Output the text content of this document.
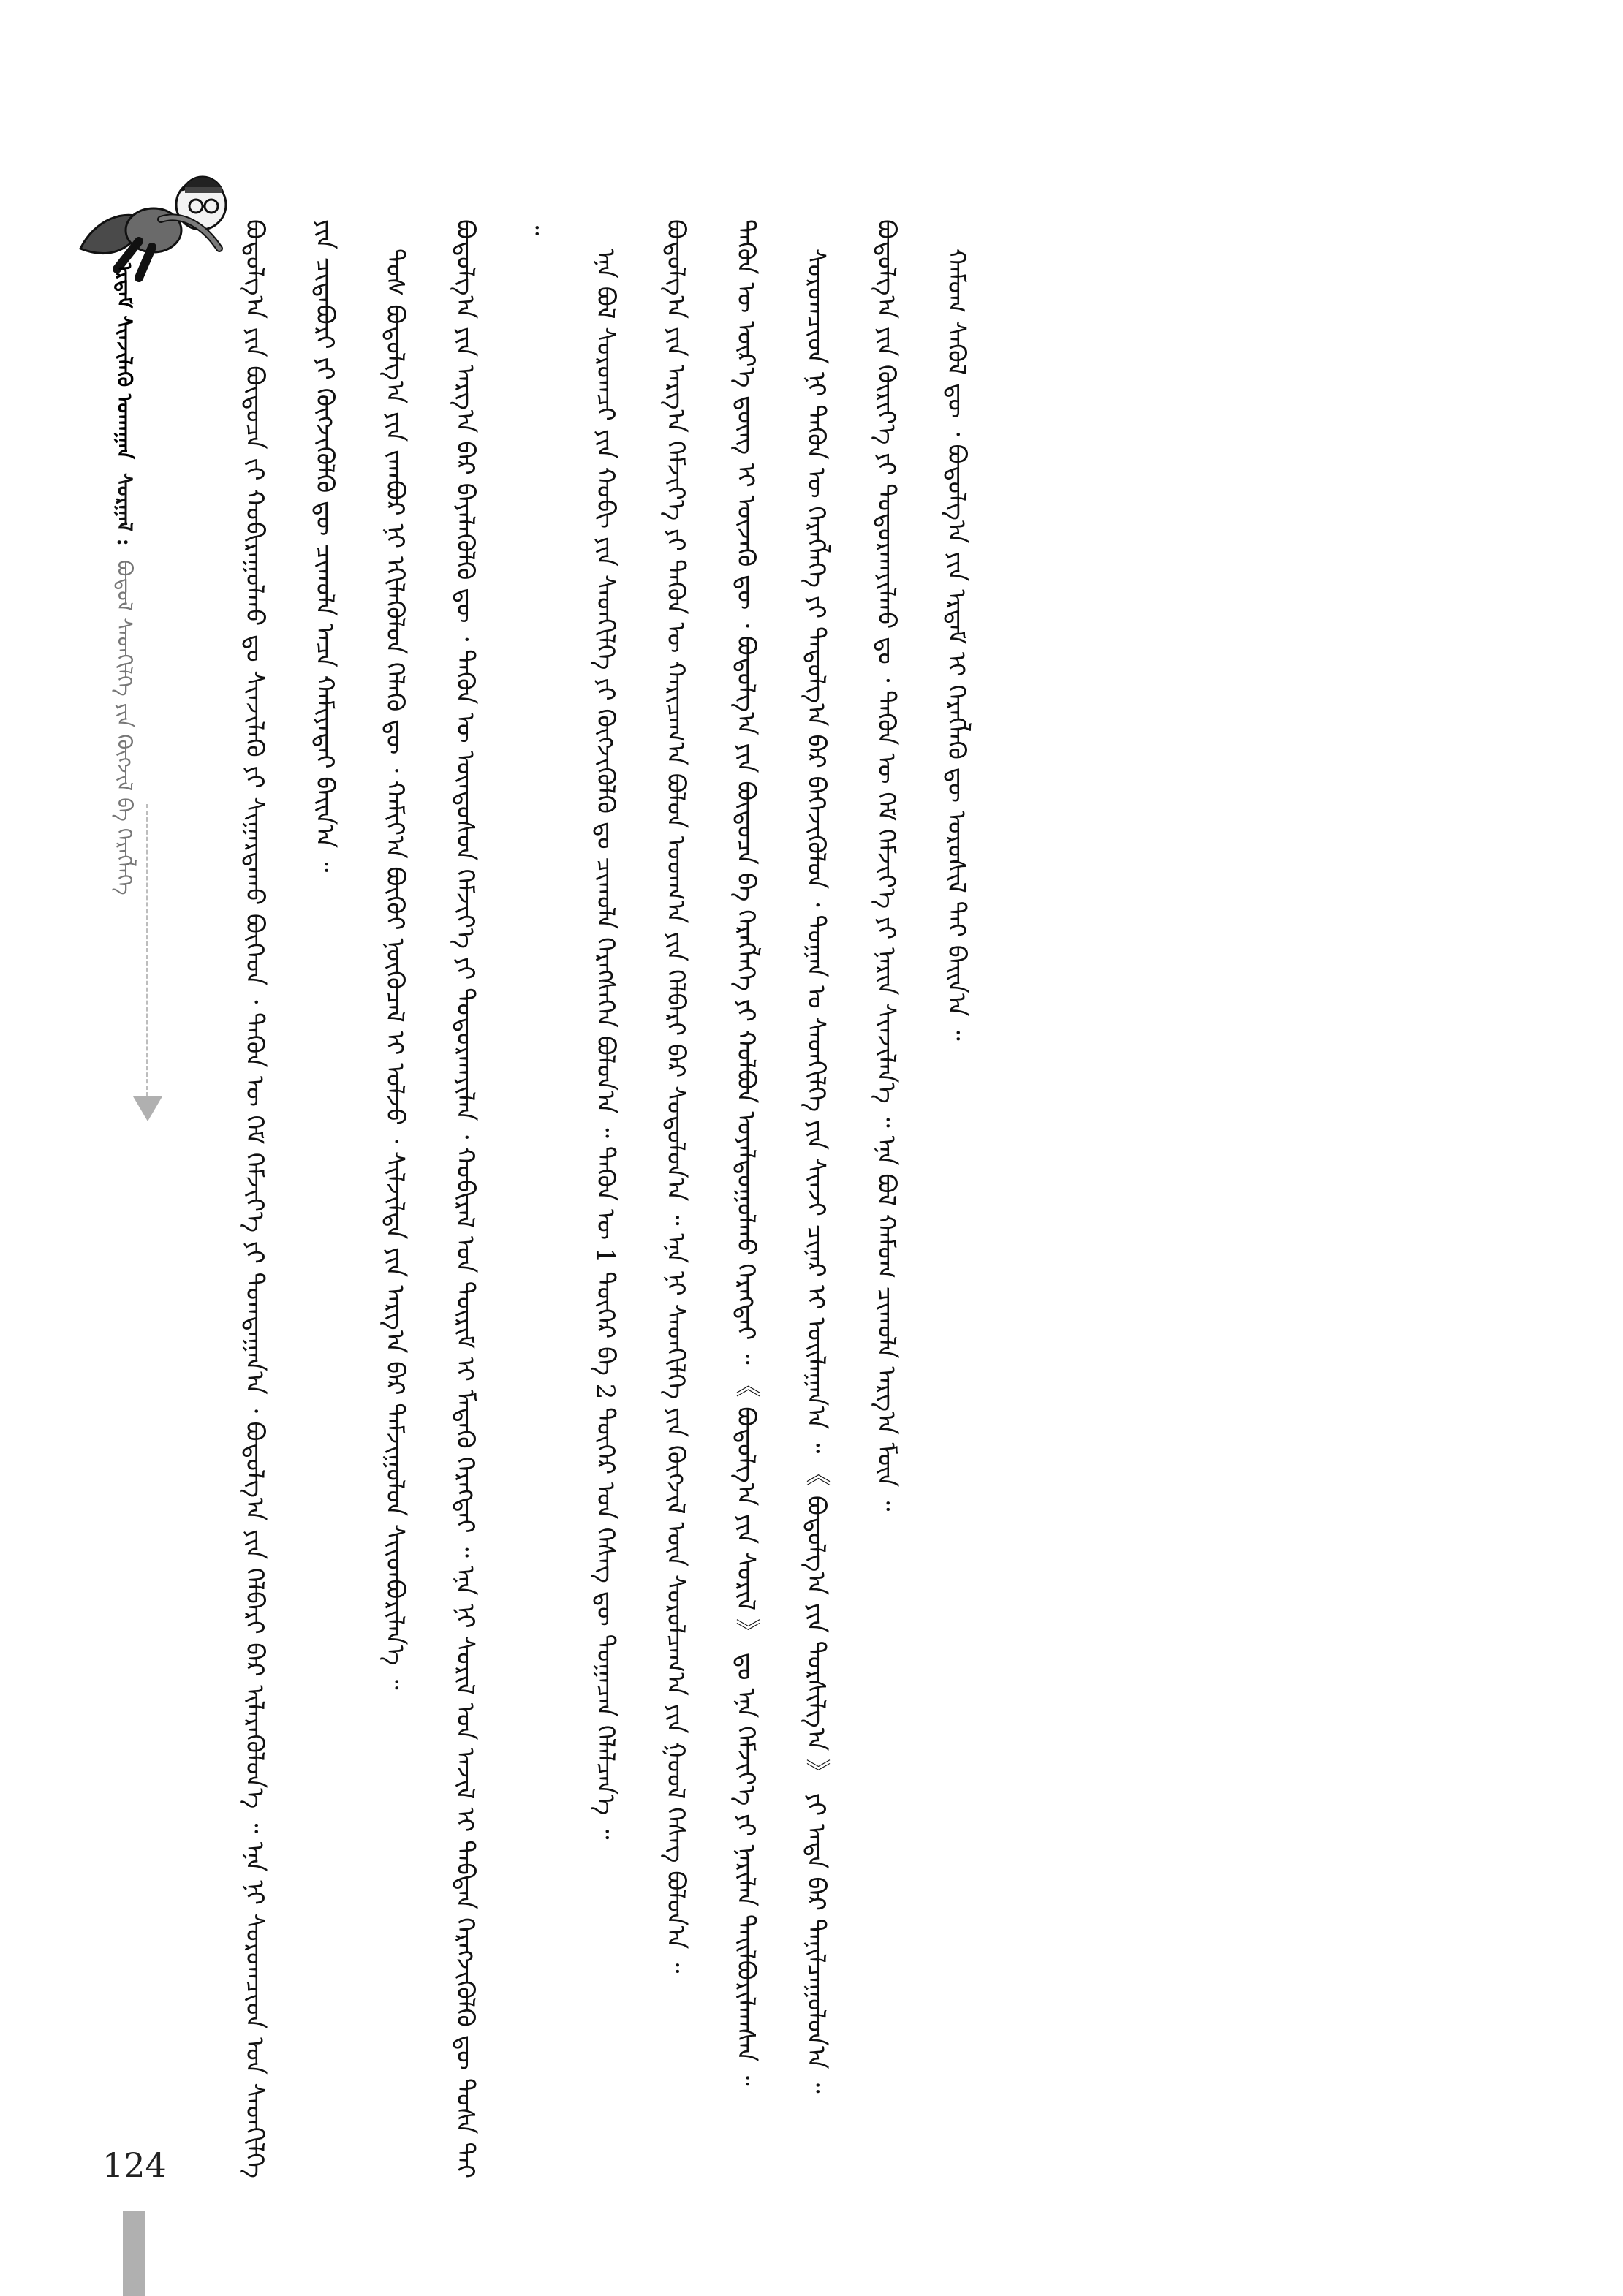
ᠡᠷᠳᠡᠮ ᠰᠢᠨᠵᠢᠯᠡᠬᠦ ᠤᠬᠠᠭᠠᠨ ᠰᠤᠷᠭᠠᠯ : ᠪᠣᠳᠤᠯ ᠰᠡᠳᠬᠢᠯᠭᠡ ᠶᠢᠨ ᠬᠥᠭᠵᠢᠯ ᠪᠠ ᠬᠡᠷᠡᠭᠯᠡᠭᠡ	ᠪᠣᠳᠣᠯᠭ᠎ᠠ ᠶᠢᠨ ᠪᠦᠲᠦᠴᠡ ᠵᠢ ᠬᠤᠪᠢᠷᠠᠭᠤᠯᠬᠤ ᠳᠤ ᠰᠢᠨᠵᠢᠯᠡᠬᠦ ᠶᠢ ᠰᠢᠭᠠᠷᠳᠠᠬᠤ ᠪᠥᠭᠡᠳ ᠂ ᠲᠡᠭᠦᠨ ᠦ ᠬᠡᠮ ᠬᠡᠮᠵᠢᠶ᠎ᠡ ᠶᠢ ᠲᠣᠭᠲᠠᠭᠠᠨ᠎ᠠ ᠂ ᠪᠣᠳᠣᠯᠭ᠎ᠠ ᠶᠢᠨ ᠬᠡᠯᠪᠡᠷᠢ ᠪᠡᠷ ᠢᠯᠡᠷᠡᠭᠦᠯᠦᠨ᠎ᠡ ᠃ ᠡᠨᠡ ᠨᠢ ᠰᠤᠷᠤᠭᠴᠢᠳ ᠤᠨ ᠰᠡᠳᠬᠢᠯᠭᠡ ᠶᠢᠨ ᠴᠢᠳᠠᠪᠤᠷᠢ ᠶᠢ ᠬᠥᠭᠵᠢᠭᠦᠯᠬᠦ ᠳᠦ ᠴᠢᠬᠤᠯᠠ ᠠᠴᠠ ᠬᠠᠮᠢᠶᠠᠲᠠᠢ ᠪᠠᠢᠨ᠎ᠠ ᠃	ᠲᠤᠰ ᠪᠣᠳᠣᠯᠭ᠎ᠠ ᠶᠢᠨ ᠵᠠᠭᠪᠤᠷ ᠨᠢ ᠡᠬᠢᠯᠡᠭᠦᠯᠦᠨ ᠬᠡᠯᠡᠬᠦ ᠳᠦ ᠂ ᠬᠠᠮᠢᠶ᠎ᠠ ᠪᠦᠬᠦᠢ ᠨᠥᠬᠦᠴᠡᠯ ᠢ ᠣᠯᠵᠤ ᠂ ᠰᠢᠯᠵᠢᠯᠲᠡ ᠶᠢᠨ ᠠᠷᠭ᠎ᠠ ᠪᠠᠷ ᠳᠠᠮᠵᠢᠭᠤᠯᠤᠨ ᠰᠢᠢᠳᠪᠦᠷᠢᠯᠡᠨ᠎ᠡ ᠃	ᠪᠣᠳᠣᠯᠭ᠎ᠠ ᠶᠢᠨ ᠠᠷᠭ᠎ᠠ ᠪᠠᠷ ᠪᠡᠶᠡᠯᠡᠭᠦᠯᠬᠦ ᠳᠦ ᠂ ᠲᠡᠭᠦᠨ ᠦ ᠦᠨᠳᠦᠰᠦᠨ ᠬᠡᠮᠵᠢᠶ᠎ᠡ ᠶᠢ ᠲᠣᠳᠤᠷᠬᠠᠶᠢᠯᠠᠨ ᠂ ᠬᠤᠪᠢᠷᠠᠯ ᠤᠨ ᠳᠦᠷᠢᠮ ᠢ ᠮᠡᠳᠡᠬᠦ ᠬᠡᠷᠡᠭᠲᠡᠢ ᠃ ᠡᠨᠡ ᠨᠢ ᠰᠣᠷᠢᠯ ᠤᠨ ᠠᠵᠢᠯ ᠢ ᠳᠠᠪᠲᠠᠨ ᠬᠡᠷᠡᠭᠵᠢᠭᠦᠯᠬᠦ ᠳᠦ ᠲᠤᠰᠠ ᠲᠠᠢ ᠃

ᠡᠨᠡ ᠪᠣᠯ ᠰᠤᠷᠤᠭᠴᠢ ᠶᠢᠨ ᠬᠤᠪᠢ ᠶᠢᠨ ᠰᠡᠳᠬᠢᠯᠭᠡ ᠶᠢ ᠬᠥᠭᠵᠢᠭᠦᠯᠬᠦ ᠳᠤ ᠴᠢᠬᠤᠯᠠ ᠬᠡᠷᠡᠭᠰᠡᠬᠡᠨ ᠪᠣᠯᠤᠨ᠎ᠠ ᠃ ᠲᠡᠭᠦᠨ ᠦ 1 ᠳᠦᠭᠡᠷ ᠪᠠ 2 ᠳᠦᠭᠡᠷ ᠤᠨ ᠬᠡᠰᠡᠭ ᠳᠦ ᠲᠣᠭᠠᠴᠠᠨ ᠬᠡᠯᠡᠯᠴᠡᠨ᠎ᠡ ᠃	ᠪᠣᠳᠣᠯᠭ᠎ᠠ ᠶᠢᠨ ᠠᠷᠭ᠎ᠠ ᠬᠡᠮᠵᠢᠶ᠎ᠡ ᠶᠢ ᠲᠡᠭᠦᠨ ᠦ ᠬᠠᠷᠢᠴᠠᠭ᠎ᠠ ᠪᠣᠯᠤᠨ ᠤᠳᠬ᠎ᠠ ᠶᠢᠨ ᠬᠡᠯᠪᠡᠷᠢ ᠪᠡᠷ ᠰᠤᠳᠤᠯᠤᠨ᠎ᠠ ᠃ ᠡᠨᠡ ᠨᠢ ᠰᠡᠳᠬᠢᠯᠭᠡ ᠶᠢᠨ ᠬᠥᠭᠵᠢᠯ ᠦᠨ ᠰᠤᠷᠤᠯᠴᠠᠭ᠎ᠠ ᠶᠢᠨ ᠭᠣᠣᠯ ᠬᠡᠰᠡᠭ ᠪᠣᠯᠤᠨ᠎ᠠ ᠃	ᠲᠡᠭᠦᠨ ᠦ ᠦᠷ᠎ᠡ ᠳ᠋ᠦᠩ ᠢ ᠦᠵᠡᠬᠦ ᠳᠦ ᠂ ᠪᠣᠳᠣᠯᠭ᠎ᠠ ᠶᠢᠨ ᠪᠦᠲᠦᠴᠡ ᠪᠠ ᠬᠡᠷᠡᠭᠯᠡᠭᠡ ᠶᠢ ᠬᠣᠯᠪᠣᠨ ᠤᠶᠠᠯᠳᠤᠭᠤᠯᠬᠤ ᠬᠡᠷᠡᠭᠲᠡᠢ ᠃ 《 ᠪᠣᠳᠣᠯᠭ᠎ᠠ ᠶᠢᠨ ᠰᠣᠷᠢᠯ 》 ᠳᠤ ᠡᠨᠡ ᠬᠡᠮᠵᠢᠶ᠎ᠡ ᠶᠢ ᠨᠠᠷᠢᠯᠠᠨ ᠲᠠᠢᠯᠪᠤᠷᠢᠯᠠᠭᠰᠠᠨ ᠃	ᠰᠤᠷᠤᠭᠴᠢᠳ ᠨᠢ ᠲᠡᠭᠦᠨ ᠦ ᠬᠡᠷᠡᠭᠯᠡᠭᠡ ᠶᠢ ᠳᠠᠳᠤᠯᠭ᠎ᠠ ᠪᠡᠷ ᠪᠡᠬᠡᠵᠢᠭᠦᠯᠦᠨ ᠂ ᠲᠣᠭᠠᠨ ᠤ ᠰᠡᠳᠬᠢᠯᠭᠡ ᠶᠢᠨ ᠰᠢᠨᠵᠢ ᠴᠢᠨᠠᠷ ᠢ ᠣᠢᠯᠠᠭᠠᠨ᠎ᠠ ᠃ 《 ᠪᠣᠳᠣᠯᠭ᠎ᠠ ᠶᠢᠨ ᠲᠤᠷᠰᠢᠯᠭ᠎ᠠ 》 ᠶᠢ ᠡᠨᠳᠡ ᠪᠠᠷ ᠲᠠᠨᠢᠯᠴᠠᠭᠤᠯᠤᠨ᠎ᠠ ᠃	ᠪᠣᠳᠣᠯᠭ᠎ᠠ ᠶᠢᠨ ᠬᠦᠷᠢᠶ᠎ᠡ ᠶᠢ ᠲᠣᠳᠤᠷᠬᠠᠶᠢᠯᠬᠤ ᠳᠤ ᠂ ᠲᠡᠭᠦᠨ ᠦ ᠬᠡᠮ ᠬᠡᠮᠵᠢᠶ᠎ᠡ ᠶᠢ ᠨᠠᠷᠢᠨ ᠰᠢᠨᠵᠢᠯᠡᠨ᠎ᠡ ᠃ ᠡᠨᠡ ᠪᠣᠯ ᠬᠠᠮᠤᠭ ᠴᠢᠬᠤᠯᠠ ᠠᠷᠭ᠎ᠠ ᠮᠥᠨ ᠃	ᠬᠠᠮᠤᠭ ᠰᠡᠭᠦᠯ ᠳᠦ ᠂ ᠪᠣᠳᠣᠯᠭ᠎ᠠ ᠶᠢᠨ ᠡᠷᠳᠡᠮ ᠢ ᠬᠡᠷᠡᠭᠯᠡᠬᠦ ᠳᠦ ᠤᠷᠤᠰᠢᠯ ᠲᠠᠢ ᠪᠠᠢᠨ᠎ᠠ ᠃

124
